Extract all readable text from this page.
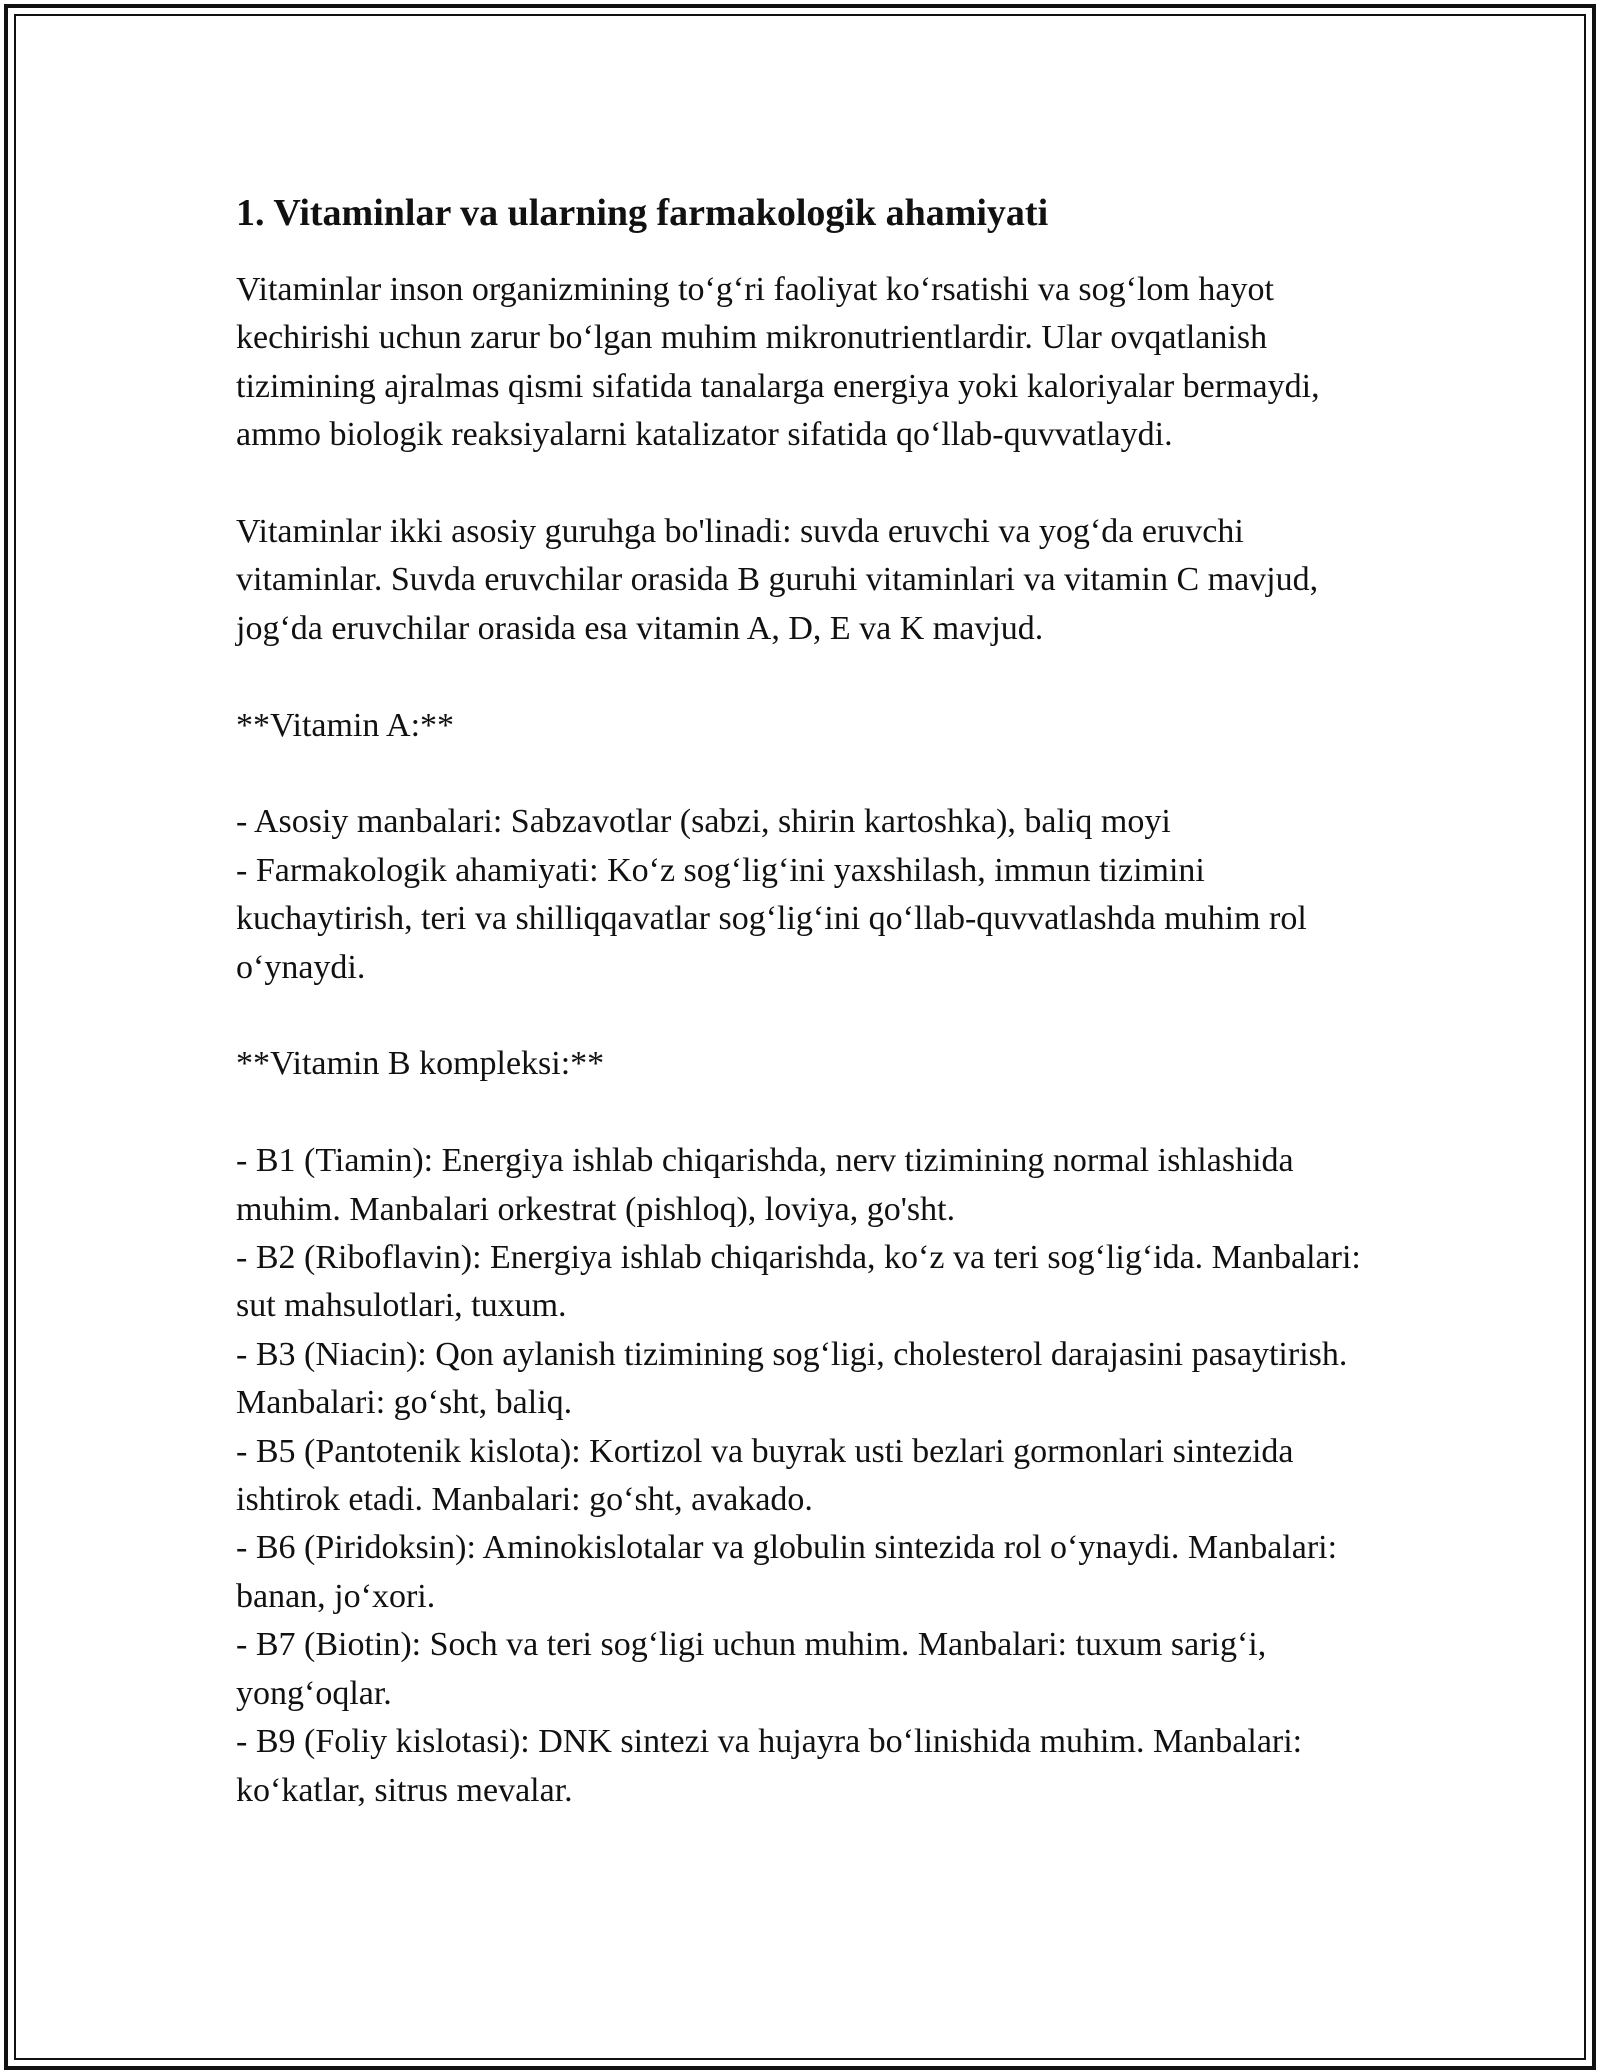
1. Vitaminlar va ularning farmakologik ahamiyati

Vitaminlar inson organizmining to‘g‘ri faoliyat ko‘rsatishi va sog‘lom hayot kechirishi uchun zarur bo‘lgan muhim mikronutrientlardir. Ular ovqatlanish tizimining ajralmas qismi sifatida tanalarga energiya yoki kaloriyalar bermaydi, ammo biologik reaksiyalarni katalizator sifatida qo‘llab-quvvatlaydi.

Vitaminlar ikki asosiy guruhga bo'linadi: suvda eruvchi va yog‘da eruvchi vitaminlar. Suvda eruvchilar orasida B guruhi vitaminlari va vitamin C mavjud, jog‘da eruvchilar orasida esa vitamin A, D, E va K mavjud.

**Vitamin A:**

- Asosiy manbalari: Sabzavotlar (sabzi, shirin kartoshka), baliq moyi

- Farmakologik ahamiyati: Ko‘z sog‘lig‘ini yaxshilash, immun tizimini kuchaytirish, teri va shilliqqavatlar sog‘lig‘ini qo‘llab-quvvatlashda muhim rol o‘ynaydi.

**Vitamin B kompleksi:**

- B1 (Tiamin): Energiya ishlab chiqarishda, nerv tizimining normal ishlashida muhim. Manbalari orkestrat (pishloq), loviya, go'sht.

- B2 (Riboflavin): Energiya ishlab chiqarishda, ko‘z va teri sog‘lig‘ida. Manbalari: sut mahsulotlari, tuxum.

- B3 (Niacin): Qon aylanish tizimining sog‘ligi, cholesterol darajasini pasaytirish. Manbalari: go‘sht, baliq.

- B5 (Pantotenik kislota): Kortizol va buyrak usti bezlari gormonlari sintezida ishtirok etadi. Manbalari: go‘sht, avakado.

- B6 (Piridoksin): Aminokislotalar va globulin sintezida rol o‘ynaydi. Manbalari: banan, jo‘xori.

- B7 (Biotin): Soch va teri sog‘ligi uchun muhim. Manbalari: tuxum sarig‘i, yong‘oqlar.

- B9 (Foliy kislotasi): DNK sintezi va hujayra bo‘linishida muhim. Manbalari: ko‘katlar, sitrus mevalar.
